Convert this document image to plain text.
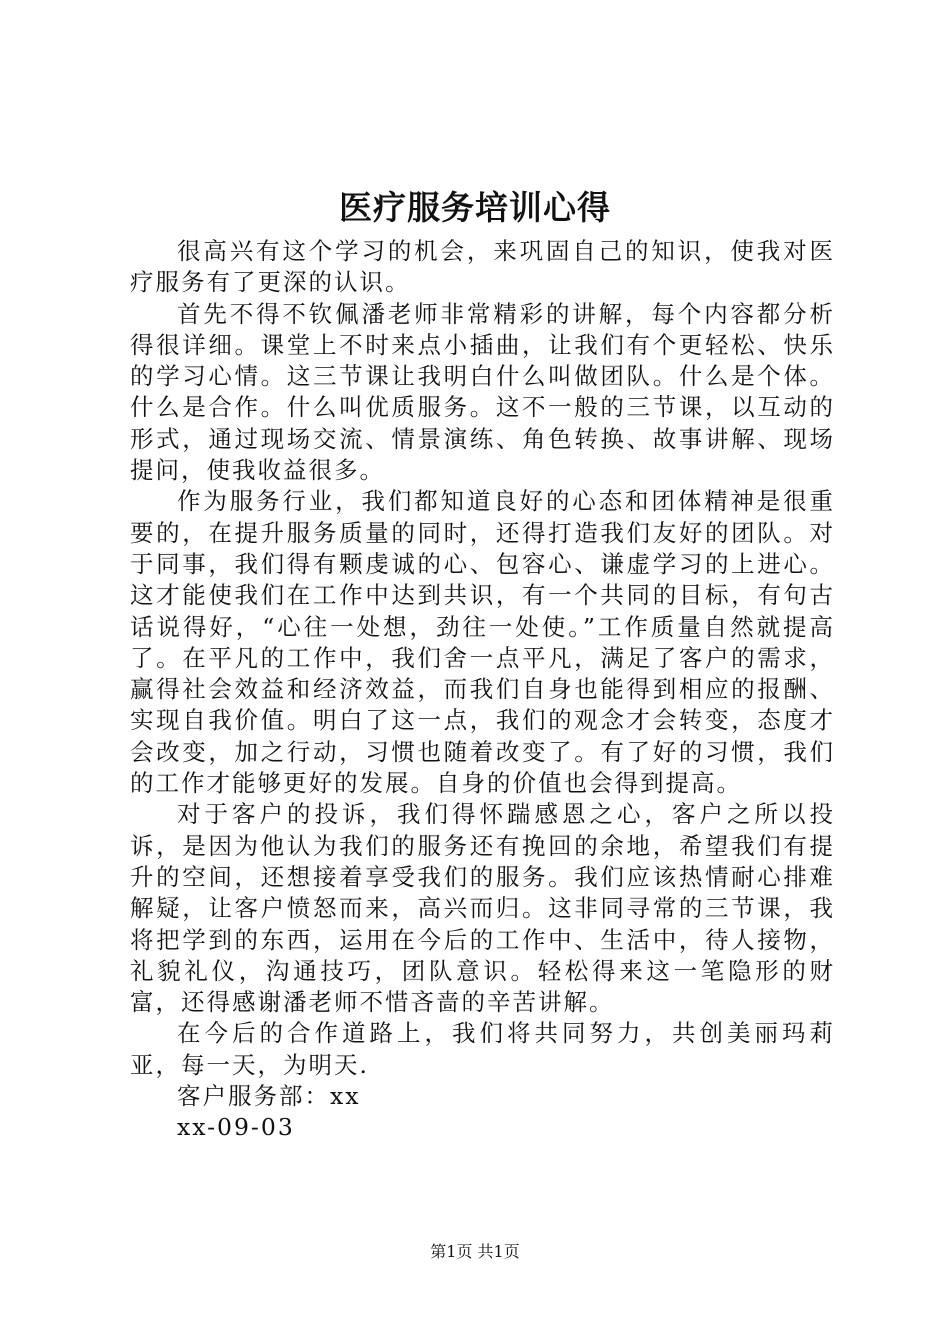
医疗服务培训心得

很高兴有这个学习的机会，来巩固自己的知识，使我对医疗服务有了更深的认识。

首先不得不钦佩潘老师非常精彩的讲解，每个内容都分析得很详细。课堂上不时来点小插曲，让我们有个更轻松、快乐的学习心情。这三节课让我明白什么叫做团队。什么是个体。什么是合作。什么叫优质服务。这不一般的三节课，以互动的形式，通过现场交流、情景演练、角色转换、故事讲解、现场提问，使我收益很多。

作为服务行业，我们都知道良好的心态和团体精神是很重要的，在提升服务质量的同时，还得打造我们友好的团队。对于同事，我们得有颗虔诚的心、包容心、谦虚学习的上进心。这才能使我们在工作中达到共识，有一个共同的目标，有句古话说得好，“心往一处想，劲往一处使。”工作质量自然就提高了。在平凡的工作中，我们舍一点平凡，满足了客户的需求，赢得社会效益和经济效益，而我们自身也能得到相应的报酬、实现自我价值。明白了这一点，我们的观念才会转变，态度才会改变，加之行动，习惯也随着改变了。有了好的习惯，我们的工作才能够更好的发展。自身的价值也会得到提高。

对于客户的投诉，我们得怀踹感恩之心，客户之所以投诉，是因为他认为我们的服务还有挽回的余地，希望我们有提升的空间，还想接着享受我们的服务。我们应该热情耐心排难解疑，让客户愤怒而来，高兴而归。这非同寻常的三节课，我将把学到的东西，运用在今后的工作中、生活中，待人接物，礼貌礼仪，沟通技巧，团队意识。轻松得来这一笔隐形的财富，还得感谢潘老师不惜吝啬的辛苦讲解。

在今后的合作道路上，我们将共同努力，共创美丽玛莉亚，每一天，为明天.

客户服务部：xx

xx-09-03

第1页 共1页
